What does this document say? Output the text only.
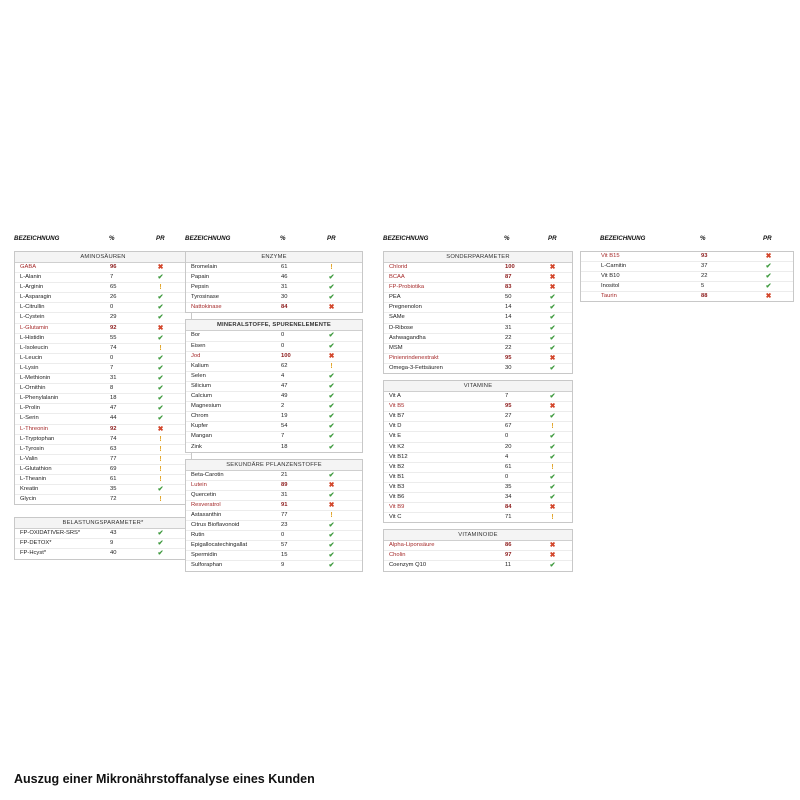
BEZEICHNUNG	%	PR
AMINOSÄUREN
GABA	96	✖
L-Alanin	7	✔
L-Arginin	65	!
L-Asparagin	26	✔
L-Citrullin	0	✔
L-Cystein	29	✔
L-Glutamin	92	✖
L-Histidin	55	✔
L-Isoleucin	74	!
L-Leucin	0	✔
L-Lysin	7	✔
L-Methionin	31	✔
L-Ornithin	8	✔
L-Phenylalanin	18	✔
L-Prolin	47	✔
L-Serin	44	✔
L-Threonin	92	✖
L-Tryptophan	74	!
L-Tyrosin	63	!
L-Valin	77	!
L-Glutathion	69	!
L-Theanin	61	!
Kreatin	35	✔
Glycin	72	!
BELASTUNGSPARAMETER*
FP-OXIDATIVER-SRS*	43	✔
FP-DETOX*	9	✔
FP-Hcyst*	40	✔
BEZEICHNUNG	%	PR
ENZYME
Bromelain	61	!
Papain	46	✔
Pepsin	31	✔
Tyrosinase	30	✔
Nattokinase	84	✖
MINERALSTOFFE, SPURENELEMENTE
Bor	0	✔
Eisen	0	✔
Jod	100	✖
Kalium	62	!
Selen	4	✔
Silicium	47	✔
Calcium	49	✔
Magnesium	2	✔
Chrom	19	✔
Kupfer	54	✔
Mangan	7	✔
Zink	18	✔
SEKUNDÄRE PFLANZENSTOFFE
Beta-Carotin	21	✔
Lutein	89	✖
Quercetin	31	✔
Resveratrol	91	✖
Astaxanthin	77	!
Citrus Bioflavonoid	23	✔
Rutin	0	✔
Epigallocatechingallat	57	✔
Spermidin	15	✔
Sulforaphan	9	✔
BEZEICHNUNG	%	PR
SONDERPARAMETER
Chlorid	100	✖
BCAA	87	✖
FP-Probiotika	83	✖
PEA	50	✔
Pregnenolon	14	✔
SAMe	14	✔
D-Ribose	31	✔
Ashwagandha	22	✔
MSM	22	✔
Pinienrindenextrakt	95	✖
Omega-3-Fettsäuren	30	✔
VITAMINE
Vit A	7	✔
Vit B5	95	✖
Vit B7	27	✔
Vit D	67	!
Vit E	0	✔
Vit K2	20	✔
Vit B12	4	✔
Vit B2	61	!
Vit B1	0	✔
Vit B3	35	✔
Vit B6	34	✔
Vit B9	84	✖
Vit C	71	!
VITAMINOIDE
Alpha-Liponsäure	86	✖
Cholin	97	✖
Coenzym Q10	11	✔
BEZEICHNUNG	%	PR
Vit B15	93	✖
L-Carnitin	37	✔
Vit B10	22	✔
Inositol	5	✔
Taurin	88	✖
Auszug einer Mikronährstoffanalyse eines Kunden
